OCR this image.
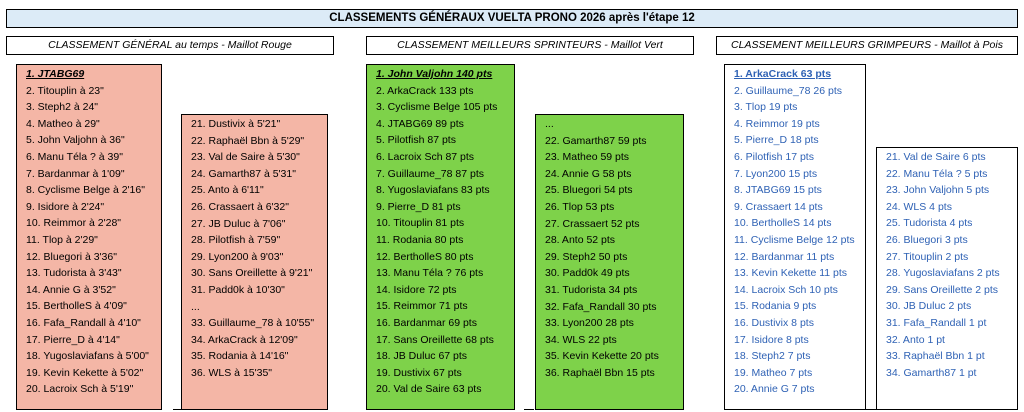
CLASSEMENTS GÉNÉRAUX VUELTA PRONO 2026 après l'étape 12
CLASSEMENT GÉNÉRAL au temps - Maillot Rouge	CLASSEMENT MEILLEURS SPRINTEURS - Maillot Vert	CLASSEMENT MEILLEURS GRIMPEURS - Maillot à Pois
1. JTABG69
2. Titouplin à 23"
3. Steph2 à 24"
4. Matheo à 29"
5. John Valjohn à 36"
6. Manu Téla ? à 39"
7. Bardanmar à 1'09"
8. Cyclisme Belge à 2'16"
9. Isidore à 2'24"
10. Reimmor à 2'28"
11. Tlop à 2'29"
12. Bluegori à 3'36"
13. Tudorista à 3'43"
14. Annie G à 3'52"
15. BertholleS à 4'09"
16. Fafa_Randall à 4'10"
17. Pierre_D à 4'14"
18. Yugoslaviafans à 5'00"
19. Kevin Kekette à 5'02"
20. Lacroix Sch à 5'19"
21. Dustivix à 5'21"
22. Raphaël Bbn à 5'29"
23. Val de Saire à 5'30"
24. Gamarth87 à 5'31"
25. Anto à 6'11"
26. Crassaert à 6'32"
27. JB Duluc à 7'06"
28. Pilotfish à 7'59"
29. Lyon200 à 9'03"
30. Sans Oreillette à 9'21"
31. Padd0k à 10'30"
...
33. Guillaume_78 à 10'55"
34. ArkaCrack à 12'09"
35. Rodania à 14'16"
36. WLS à 15'35"
1. John Valjohn 140 pts
2. ArkaCrack 133 pts
3. Cyclisme Belge 105 pts
4. JTABG69 89 pts
5. Pilotfish 87 pts
6. Lacroix Sch 87 pts
7. Guillaume_78 87 pts
8. Yugoslaviafans 83 pts
9. Pierre_D 81 pts
10. Titouplin 81 pts
11. Rodania 80 pts
12. BertholleS 80 pts
13. Manu Téla ? 76 pts
14. Isidore 72 pts
15. Reimmor 71 pts
16. Bardanmar 69 pts
17. Sans Oreillette 68 pts
18. JB Duluc 67 pts
19. Dustivix 67 pts
20. Val de Saire 63 pts
...
22. Gamarth87 59 pts
23. Matheo 59 pts
24. Annie G 58 pts
25. Bluegori 54 pts
26. Tlop 53 pts
27. Crassaert 52 pts
28. Anto 52 pts
29. Steph2 50 pts
30. Padd0k 49 pts
31. Tudorista 34 pts
32. Fafa_Randall 30 pts
33. Lyon200 28 pts
34. WLS 22 pts
35. Kevin Kekette 20 pts
36. Raphaël Bbn 15 pts
1. ArkaCrack 63 pts
2. Guillaume_78 26 pts
3. Tlop 19 pts
4. Reimmor 19 pts
5. Pierre_D 18 pts
6. Pilotfish 17 pts
7. Lyon200 15 pts
8. JTABG69 15 pts
9. Crassaert 14 pts
10. BertholleS 14 pts
11. Cyclisme Belge 12 pts
12. Bardanmar 11 pts
13. Kevin Kekette 11 pts
14. Lacroix Sch 10 pts
15. Rodania 9 pts
16. Dustivix 8 pts
17. Isidore 8 pts
18. Steph2 7 pts
19. Matheo 7 pts
20. Annie G 7 pts
21. Val de Saire 6 pts
22. Manu Téla ? 5 pts
23. John Valjohn 5 pts
24. WLS 4 pts
25. Tudorista 4 pts
26. Bluegori 3 pts
27. Titouplin 2 pts
28. Yugoslaviafans 2 pts
29. Sans Oreillette 2 pts
30. JB Duluc 2 pts
31. Fafa_Randall 1 pt
32. Anto 1 pt
33. Raphaël Bbn 1 pt
34. Gamarth87 1 pt
